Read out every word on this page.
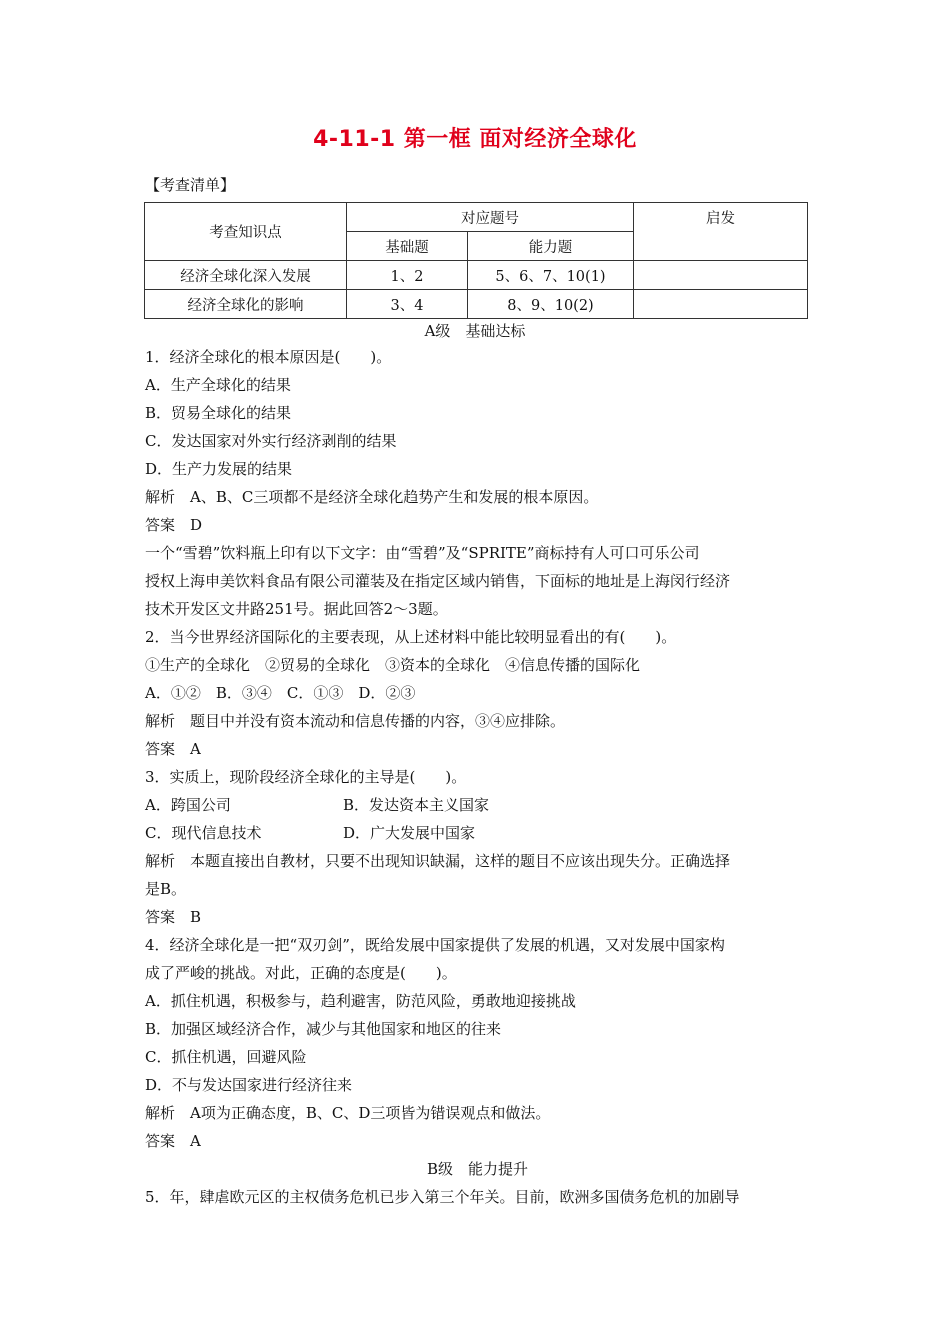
4-11-1 第一框 面对经济全球化
【考查清单】
考查知识点	对应题号		启发
	基础题	能力题	
经济全球化深入发展	1、2	5、6、7、10(1)	
经济全球化的影响	3、4	8、9、10(2)	
A级　基础达标

1．经济全球化的根本原因是(　　)。

A．生产全球化的结果

B．贸易全球化的结果

C．发达国家对外实行经济剥削的结果

D．生产力发展的结果

解析　A、B、C三项都不是经济全球化趋势产生和发展的根本原因。

答案　D

一个“雪碧”饮料瓶上印有以下文字：由“雪碧”及“SPRITE”商标持有人可口可乐公司

授权上海申美饮料食品有限公司灌装及在指定区域内销售，下面标的地址是上海闵行经济

技术开发区文井路251号。据此回答2～3题。

2．当今世界经济国际化的主要表现，从上述材料中能比较明显看出的有(　　)。

①生产的全球化　②贸易的全球化　③资本的全球化　④信息传播的国际化

A．①②　B．③④　C．①③　D．②③

解析　题目中并没有资本流动和信息传播的内容，③④应排除。

答案　A

3．实质上，现阶段经济全球化的主导是(　　)。

A．跨国公司	B．发达资本主义国家
C．现代信息技术	D．广大发展中国家

解析　本题直接出自教材，只要不出现知识缺漏，这样的题目不应该出现失分。正确选择

是B。

答案　B

4．经济全球化是一把“双刃剑”，既给发展中国家提供了发展的机遇，又对发展中国家构

成了严峻的挑战。对此，正确的态度是(　　)。

A．抓住机遇，积极参与，趋利避害，防范风险，勇敢地迎接挑战

B．加强区域经济合作，减少与其他国家和地区的往来

C．抓住机遇，回避风险

D．不与发达国家进行经济往来

解析　A项为正确态度，B、C、D三项皆为错误观点和做法。

答案　A

B级　能力提升

5．年，肆虐欧元区的主权债务危机已步入第三个年关。目前，欧洲多国债务危机的加剧导
